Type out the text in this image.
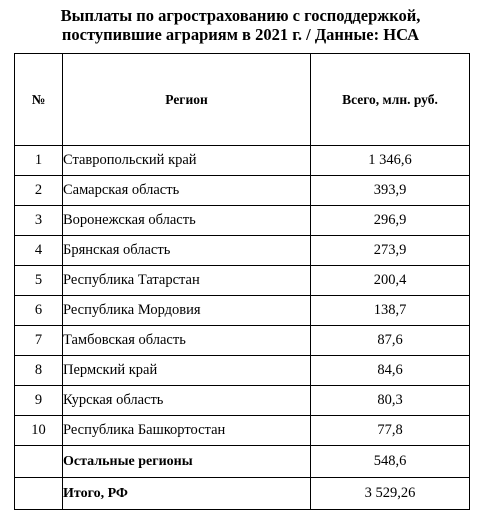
Выплаты по агрострахованию с господдержкой,
поступившие аграриям в 2021 г. / Данные: НСА
№	Регион	Всего, млн. руб.
1	Ставропольский край	1 346,6
2	Самарская область	393,9
3	Воронежская область	296,9
4	Брянская область	273,9
5	Республика Татарстан	200,4
6	Республика Мордовия	138,7
7	Тамбовская область	87,6
8	Пермский край	84,6
9	Курская область	80,3
10	Республика Башкортостан	77,8
	Остальные регионы	548,6
	Итого, РФ	3 529,26
